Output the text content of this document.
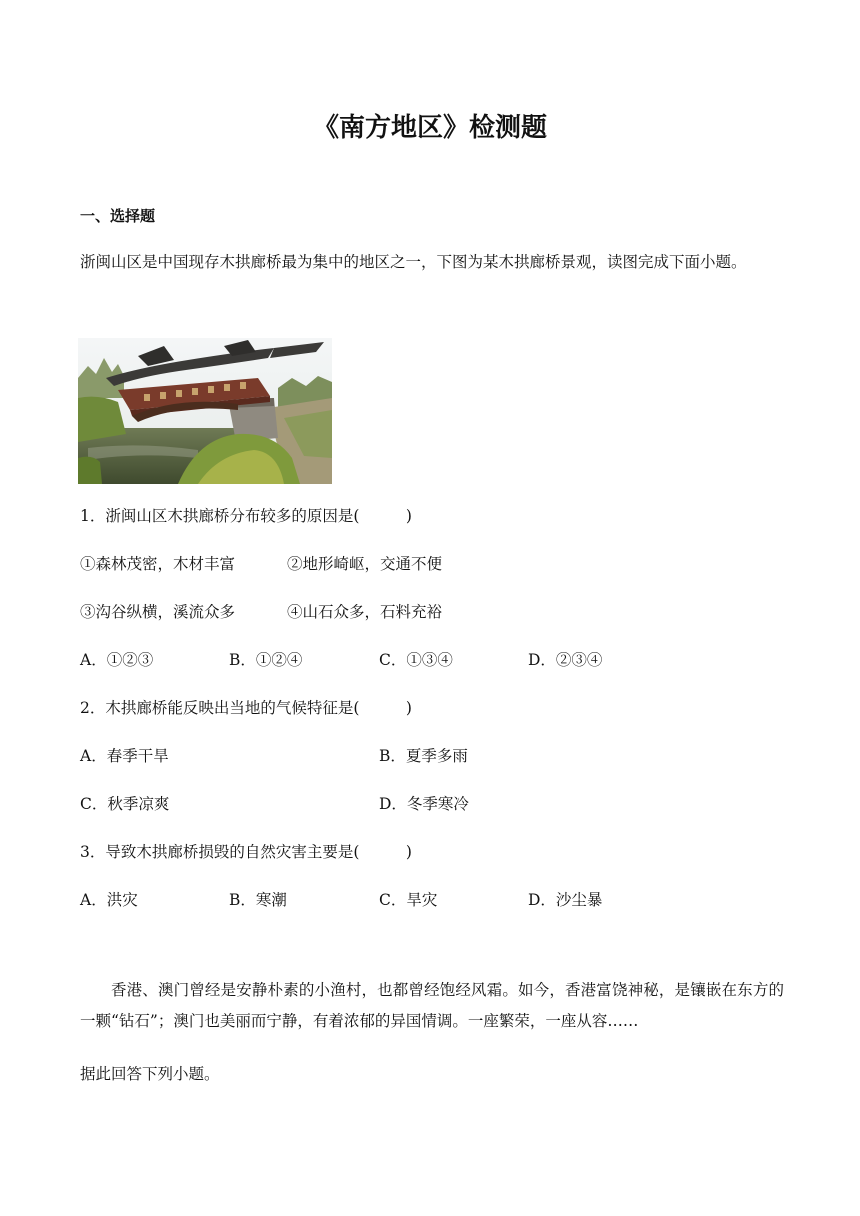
《南方地区》检测题
一、选择题

浙闽山区是中国现存木拱廊桥最为集中的地区之一，下图为某木拱廊桥景观，读图完成下面小题。

1．浙闽山区木拱廊桥分布较多的原因是(　　　)

①森林茂密，木材丰富	②地形崎岖，交通不便
③沟谷纵横，溪流众多	④山石众多，石料充裕
A．①②③	B．①②④	C．①③④	D．②③④

2．木拱廊桥能反映出当地的气候特征是(　　　)

A．春季干旱	B．夏季多雨
C．秋季凉爽	D．冬季寒冷

3．导致木拱廊桥损毁的自然灾害主要是(　　　)

A．洪灾	B．寒潮	C．旱灾	D．沙尘暴

香港、澳门曾经是安静朴素的小渔村，也都曾经饱经风霜。如今，香港富饶神秘，是镶嵌在东方的一颗“钻石”；澳门也美丽而宁静，有着浓郁的异国情调。一座繁荣，一座从容……

据此回答下列小题。
